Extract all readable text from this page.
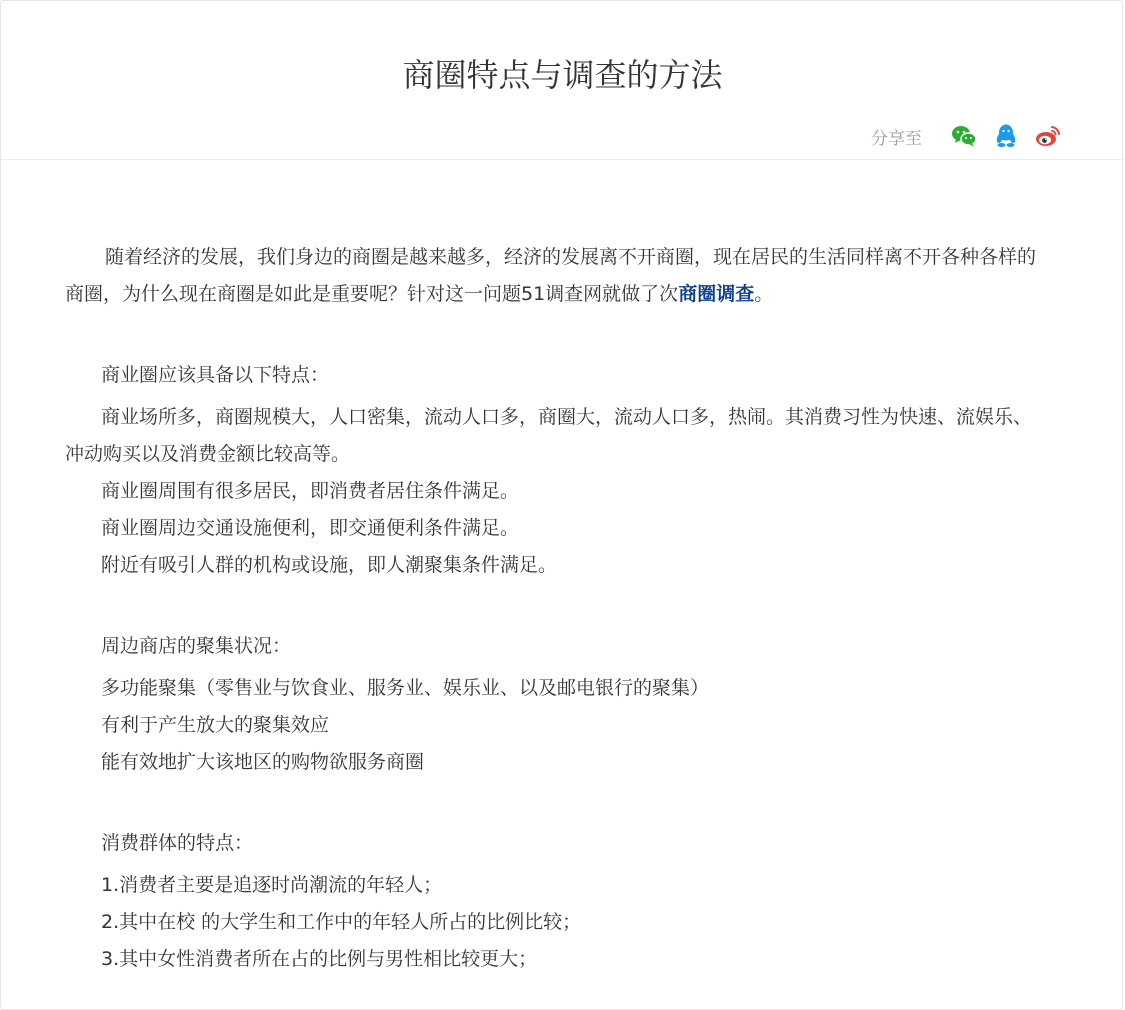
商圈特点与调查的方法
分享至

随着经济的发展，我们身边的商圈是越来越多，经济的发展离不开商圈，现在居民的生活同样离不开各种各样的商圈，为什么现在商圈是如此是重要呢？针对这一问题51调查网就做了次商圈调查。

商业圈应该具备以下特点：

商业场所多，商圈规模大，人口密集，流动人口多，商圈大，流动人口多，热闹。其消费习性为快速、流娱乐、冲动购买以及消费金额比较高等。

商业圈周围有很多居民，即消费者居住条件满足。

商业圈周边交通设施便利，即交通便利条件满足。

附近有吸引人群的机构或设施，即人潮聚集条件满足。

周边商店的聚集状况：

多功能聚集（零售业与饮食业、服务业、娱乐业、以及邮电银行的聚集）

有利于产生放大的聚集效应

能有效地扩大该地区的购物欲服务商圈

消费群体的特点：

1.消费者主要是追逐时尚潮流的年轻人；

2.其中在校 的大学生和工作中的年轻人所占的比例比较；

3.其中女性消费者所在占的比例与男性相比较更大；
